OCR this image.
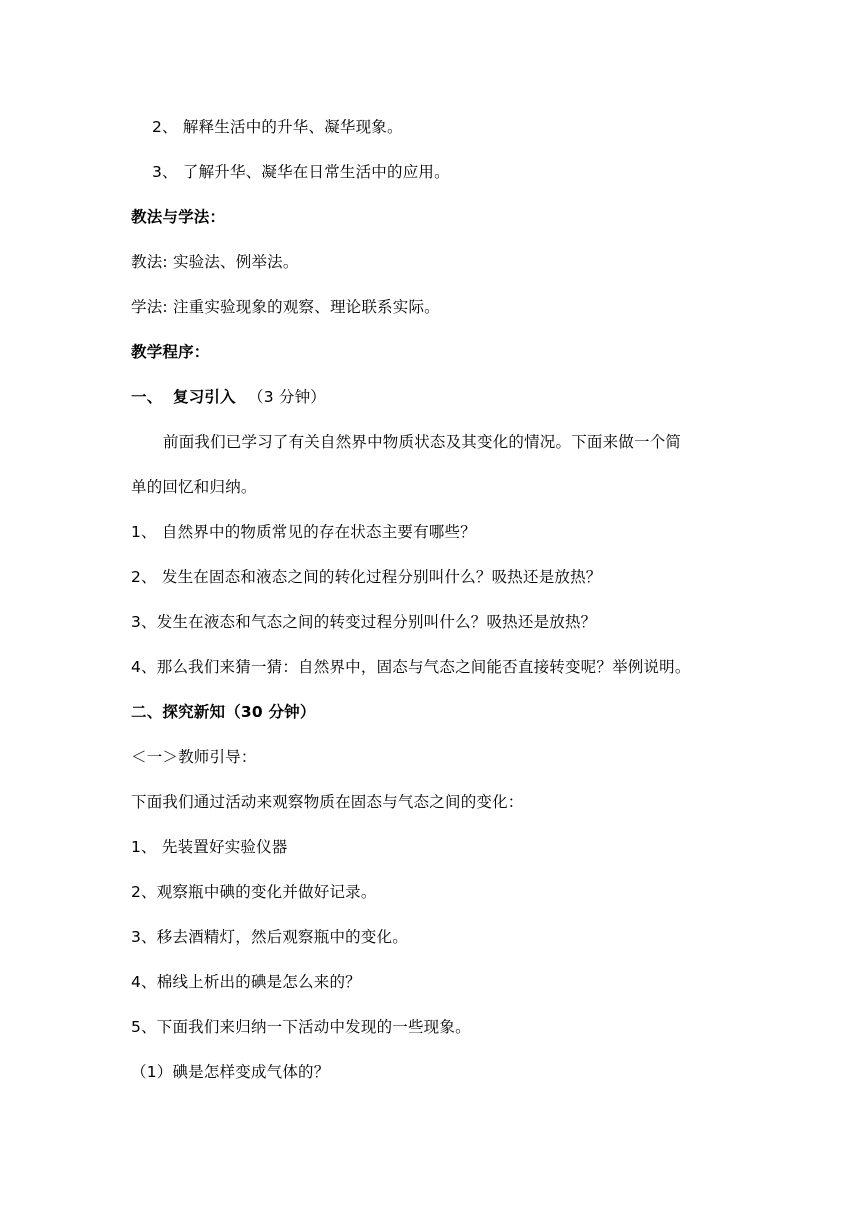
2、 解释生活中的升华、凝华现象。
3、 了解升华、凝华在日常生活中的应用。
教法与学法：
教法: 实验法、例举法。
学法: 注重实验现象的观察、理论联系实际。
教学程序：
一、 复习引入 （3 分钟）
前面我们已学习了有关自然界中物质状态及其变化的情况。下面来做一个简
单的回忆和归纳。
1、 自然界中的物质常见的存在状态主要有哪些？
2、 发生在固态和液态之间的转化过程分别叫什么？吸热还是放热？
3、发生在液态和气态之间的转变过程分别叫什么？吸热还是放热？
4、那么我们来猜一猜：自然界中，固态与气态之间能否直接转变呢？举例说明。
二、探究新知（30 分钟）
＜一＞教师引导：
下面我们通过活动来观察物质在固态与气态之间的变化：
1、 先装置好实验仪器
2、观察瓶中碘的变化并做好记录。
3、移去酒精灯，然后观察瓶中的变化。
4、棉线上析出的碘是怎么来的？
5、下面我们来归纳一下活动中发现的一些现象。
（1）碘是怎样变成气体的？
